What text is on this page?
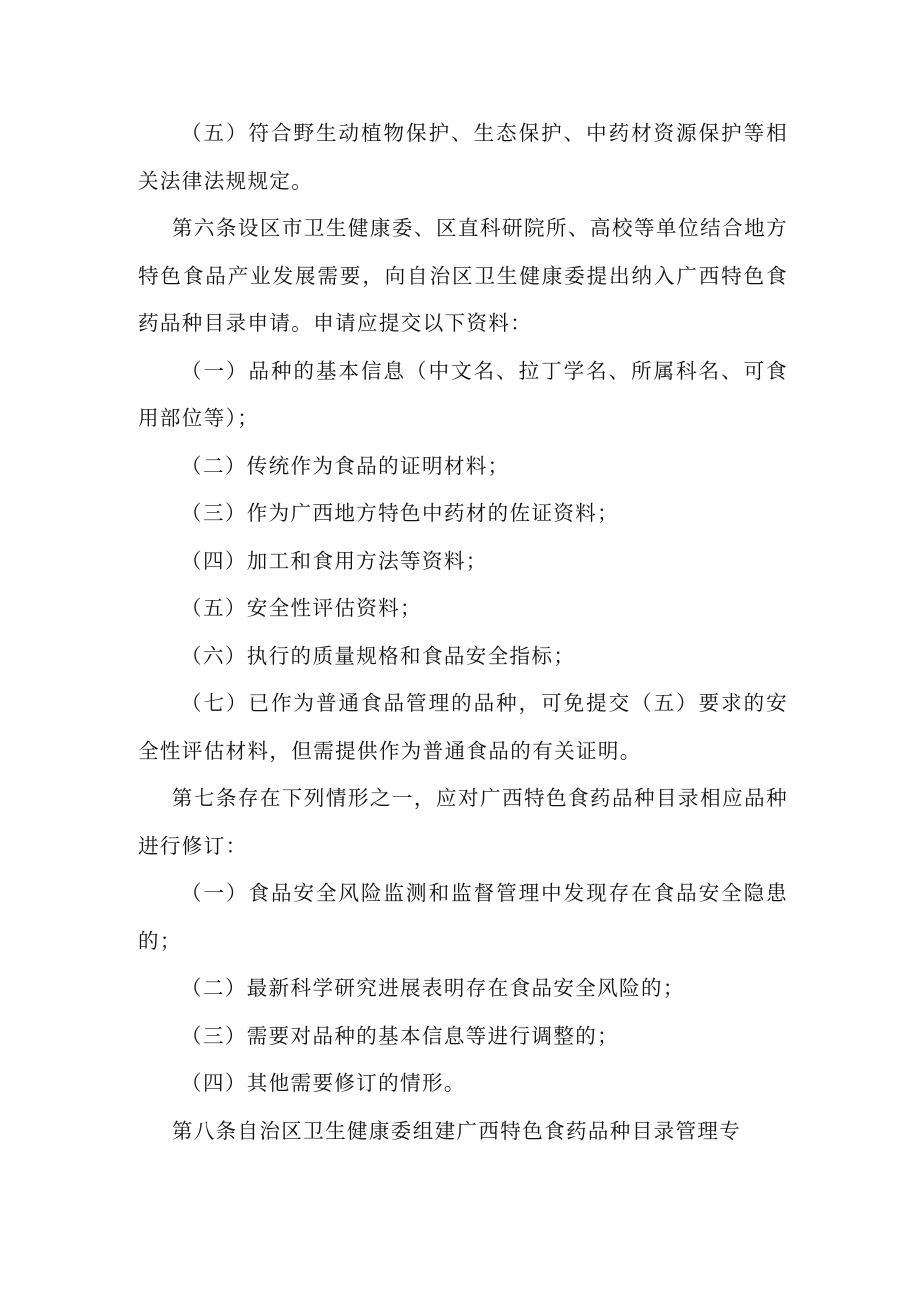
（五）符合野生动植物保护、生态保护、中药材资源保护等相关法律法规规定。

第六条设区市卫生健康委、区直科研院所、高校等单位结合地方特色食品产业发展需要，向自治区卫生健康委提出纳入广西特色食药品种目录申请。申请应提交以下资料：

（一）品种的基本信息（中文名、拉丁学名、所属科名、可食用部位等）；

（二）传统作为食品的证明材料；

（三）作为广西地方特色中药材的佐证资料；

（四）加工和食用方法等资料；

（五）安全性评估资料；

（六）执行的质量规格和食品安全指标；

（七）已作为普通食品管理的品种，可免提交（五）要求的安全性评估材料，但需提供作为普通食品的有关证明。

第七条存在下列情形之一，应对广西特色食药品种目录相应品种进行修订：

（一）食品安全风险监测和监督管理中发现存在食品安全隐患的；

（二）最新科学研究进展表明存在食品安全风险的；

（三）需要对品种的基本信息等进行调整的；

（四）其他需要修订的情形。

第八条自治区卫生健康委组建广西特色食药品种目录管理专
